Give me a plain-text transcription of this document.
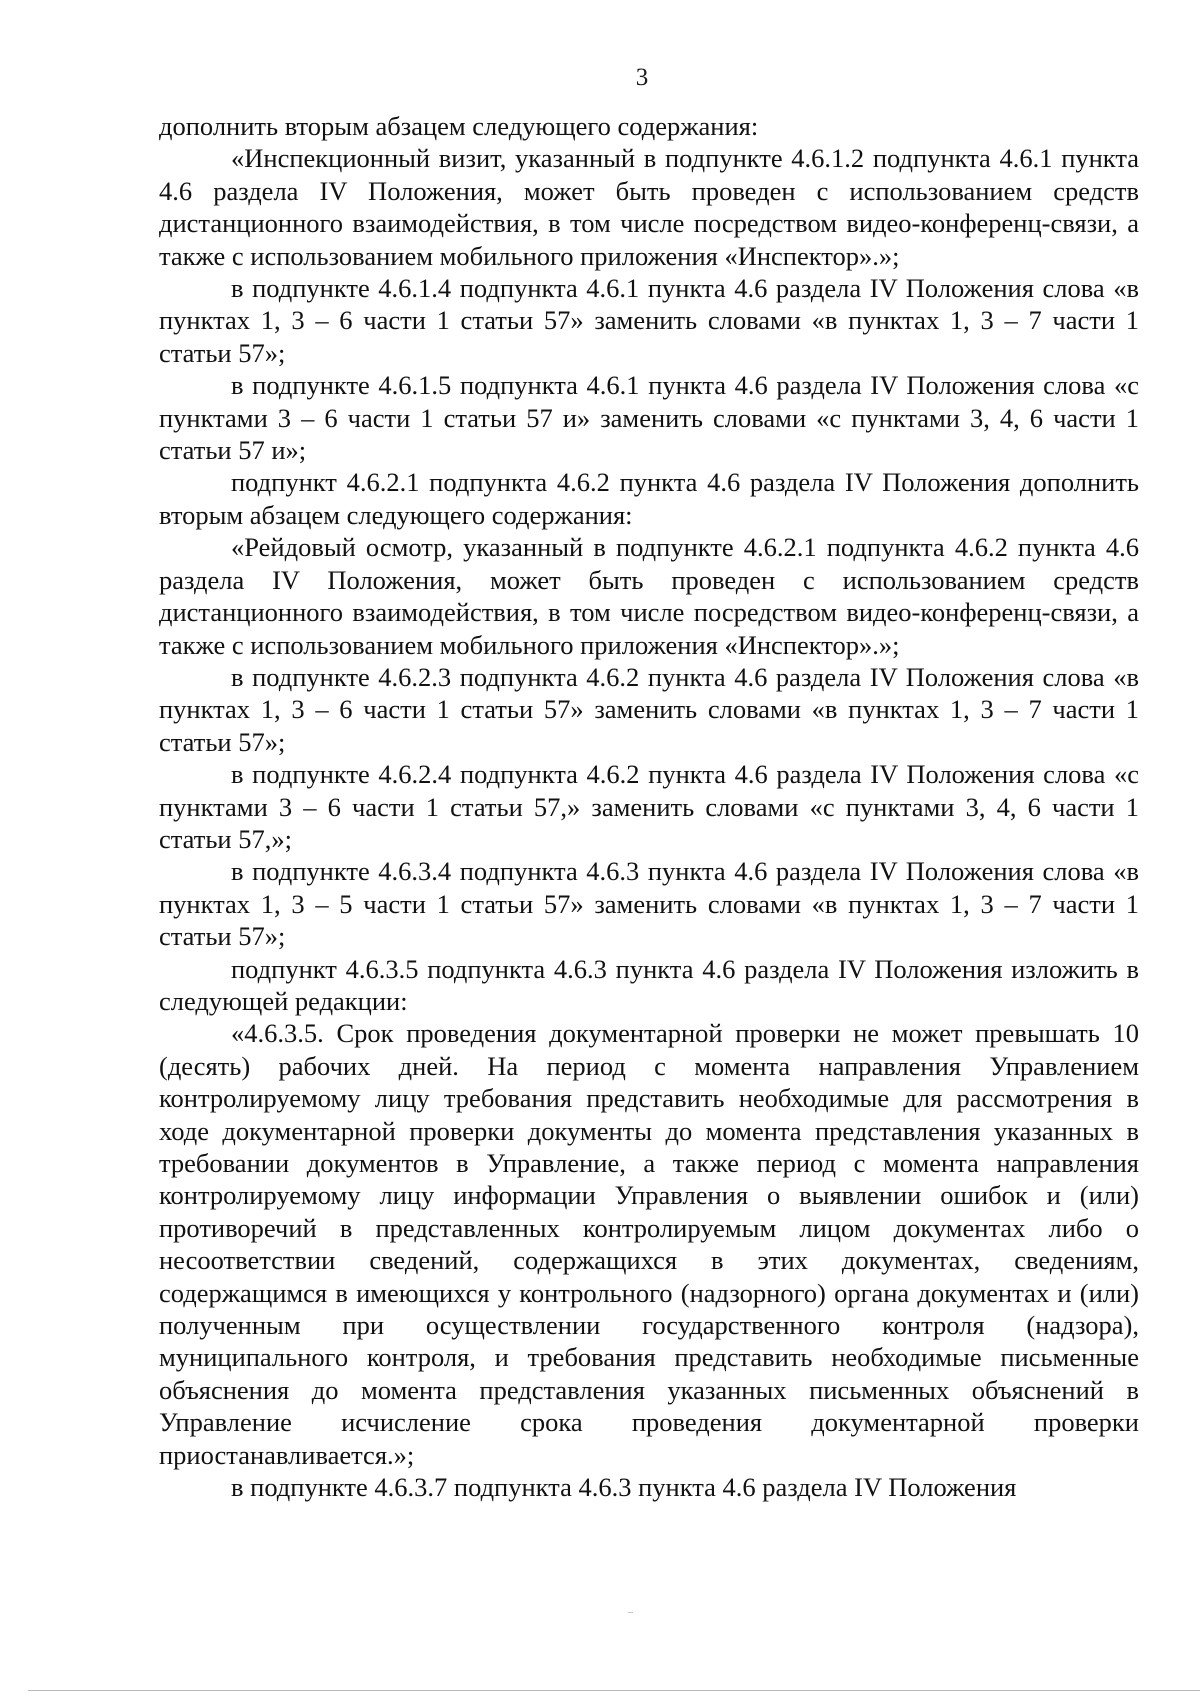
3

дополнить вторым абзацем следующего содержания:

«Инспекционный визит, указанный в подпункте 4.6.1.2 подпункта 4.6.1 пункта 4.6 раздела IV Положения, может быть проведен с использованием средств дистанционного взаимодействия, в том числе посредством видео-конференц-связи, а также с использованием мобильного приложения «Инспектор».»;

в подпункте 4.6.1.4 подпункта 4.6.1 пункта 4.6 раздела IV Положения слова «в пунктах 1, 3 – 6 части 1 статьи 57» заменить словами «в пунктах 1, 3 – 7 части 1 статьи 57»;

в подпункте 4.6.1.5 подпункта 4.6.1 пункта 4.6 раздела IV Положения слова «с пунктами 3 – 6 части 1 статьи 57 и» заменить словами «с пунктами 3, 4, 6 части 1 статьи 57 и»;

подпункт 4.6.2.1 подпункта 4.6.2 пункта 4.6 раздела IV Положения дополнить вторым абзацем следующего содержания:

«Рейдовый осмотр, указанный в подпункте 4.6.2.1 подпункта 4.6.2 пункта 4.6 раздела IV Положения, может быть проведен с использованием средств дистанционного взаимодействия, в том числе посредством видео-конференц-связи, а также с использованием мобильного приложения «Инспектор».»;

в подпункте 4.6.2.3 подпункта 4.6.2 пункта 4.6 раздела IV Положения слова «в пунктах 1, 3 – 6 части 1 статьи 57» заменить словами «в пунктах 1, 3 – 7 части 1 статьи 57»;

в подпункте 4.6.2.4 подпункта 4.6.2 пункта 4.6 раздела IV Положения слова «с пунктами 3 – 6 части 1 статьи 57,» заменить словами «с пунктами 3, 4, 6 части 1 статьи 57,»;

в подпункте 4.6.3.4 подпункта 4.6.3 пункта 4.6 раздела IV Положения слова «в пунктах 1, 3 – 5 части 1 статьи 57» заменить словами «в пунктах 1, 3 – 7 части 1 статьи 57»;

подпункт 4.6.3.5 подпункта 4.6.3 пункта 4.6 раздела IV Положения изложить в следующей редакции:

«4.6.3.5. Срок проведения документарной проверки не может превышать 10 (десять) рабочих дней. На период с момента направления Управлением контролируемому лицу требования представить необходимые для рассмотрения в ходе документарной проверки документы до момента представления указанных в требовании документов в Управление, а также период с момента направления контролируемому лицу информации Управления о выявлении ошибок и (или) противоречий в представленных контролируемым лицом документах либо о несоответствии сведений, содержащихся в этих документах, сведениям, содержащимся в имеющихся у контрольного (надзорного) органа документах и (или) полученным при осуществлении государственного контроля (надзора), муниципального контроля, и требования представить необходимые письменные объяснения до момента представления указанных письменных объяснений в Управление исчисление срока проведения документарной проверки приостанавливается.»;

в подпункте 4.6.3.7 подпункта 4.6.3 пункта 4.6 раздела IV Положения
